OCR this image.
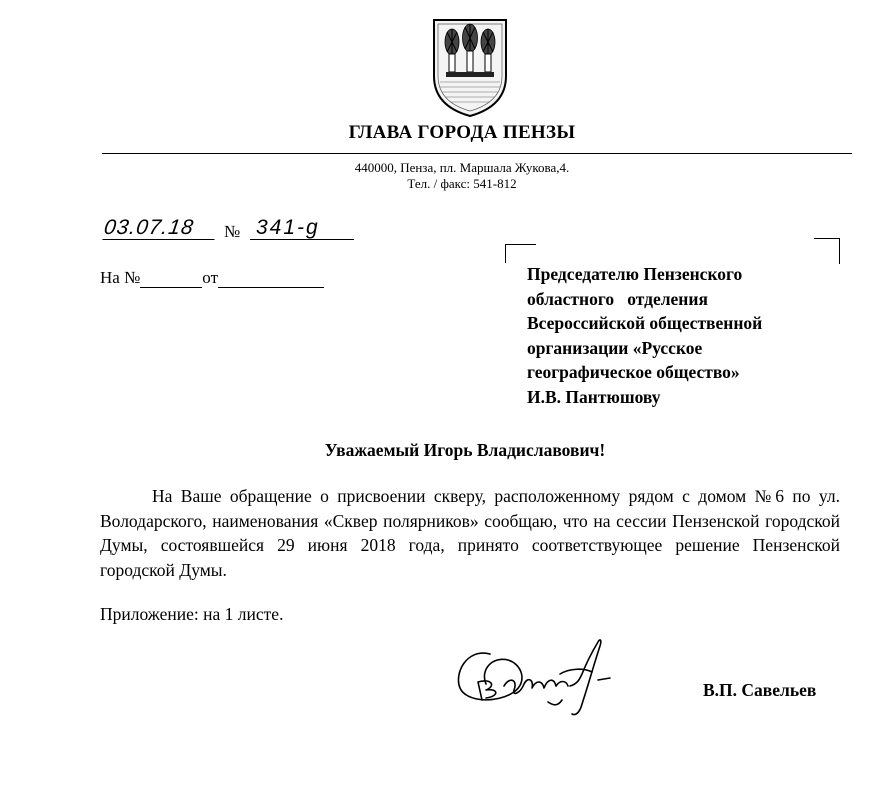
ГЛАВА ГОРОДА ПЕНЗЫ
440000, Пенза, пл. Маршала Жукова,4.
Тел. / факс: 541-812
03.07.18	№ 341-g
На №	от	Председателю Пензенского
областного   отделения
Всероссийской общественной
организации «Русское
географическое общество»
И.В. Пантюшову
Уважаемый Игорь Владиславович!
На Ваше обращение о присвоении скверу, расположенному рядом с домом №6 по ул. Володарского, наименования «Сквер полярников» сообщаю, что на сессии Пензенской городской Думы, состоявшейся 29 июня 2018 года, принято соответствующее решение Пензенской городской Думы.
Приложение: на 1 листе.
В.П. Савельев
